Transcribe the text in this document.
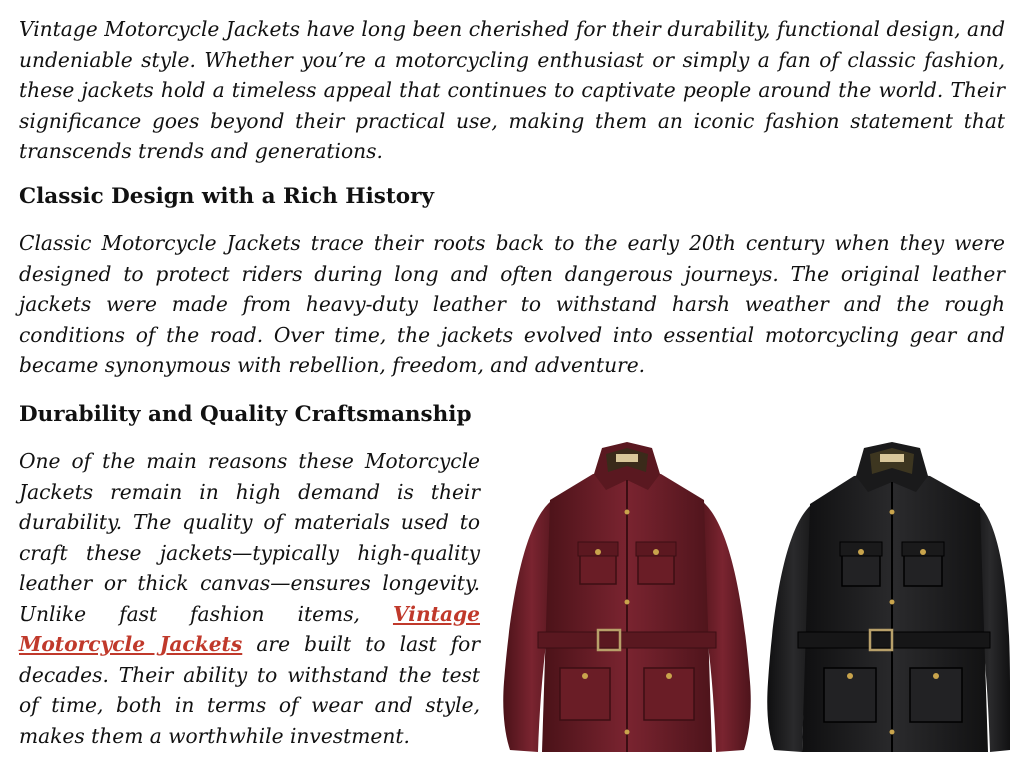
Vintage Motorcycle Jackets have long been cherished for their durability, functional design, and undeniable style. Whether you’re a motorcycling enthusiast or simply a fan of classic fashion, these jackets hold a timeless appeal that continues to captivate people around the world. Their significance goes beyond their practical use, making them an iconic fashion statement that transcends trends and generations.

Classic Design with a Rich History

Classic Motorcycle Jackets trace their roots back to the early 20th century when they were designed to protect riders during long and often dangerous journeys. The original leather jackets were made from heavy-duty leather to withstand harsh weather and the rough conditions of the road. Over time, the jackets evolved into essential motorcycling gear and became synonymous with rebellion, freedom, and adventure.

Durability and Quality Craftsmanship

One of the main reasons these Motorcycle Jackets remain in high demand is their durability. The quality of materials used to craft these jackets—typically high-quality leather or thick canvas—ensures longevity. Unlike fast fashion items, Vintage Motorcycle Jackets are built to last for decades. Their ability to withstand the test of time, both in terms of wear and style, makes them a worthwhile investment.
